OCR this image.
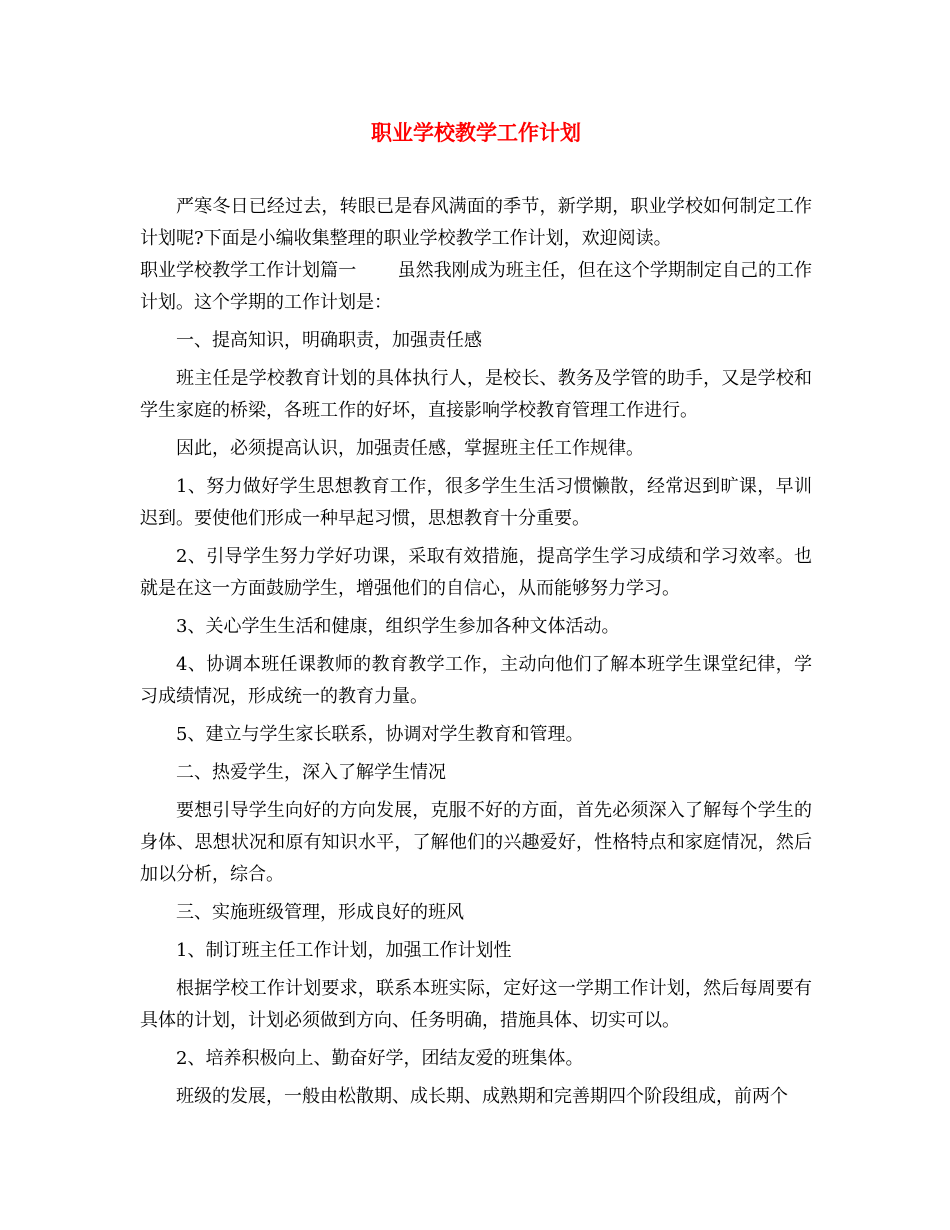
职业学校教学工作计划

严寒冬日已经过去，转眼已是春风满面的季节，新学期，职业学校如何制定工作计划呢?下面是小编收集整理的职业学校教学工作计划，欢迎阅读。

职业学校教学工作计划篇一 虽然我刚成为班主任，但在这个学期制定自己的工作计划。这个学期的工作计划是：

一、提高知识，明确职责，加强责任感

班主任是学校教育计划的具体执行人，是校长、教务及学管的助手，又是学校和学生家庭的桥梁，各班工作的好坏，直接影响学校教育管理工作进行。

因此，必须提高认识，加强责任感，掌握班主任工作规律。

1、努力做好学生思想教育工作，很多学生生活习惯懒散，经常迟到旷课，早训迟到。要使他们形成一种早起习惯，思想教育十分重要。

2、引导学生努力学好功课，采取有效措施，提高学生学习成绩和学习效率。也就是在这一方面鼓励学生，增强他们的自信心，从而能够努力学习。

3、关心学生生活和健康，组织学生参加各种文体活动。

4、协调本班任课教师的教育教学工作，主动向他们了解本班学生课堂纪律，学习成绩情况，形成统一的教育力量。

5、建立与学生家长联系，协调对学生教育和管理。

二、热爱学生，深入了解学生情况

要想引导学生向好的方向发展，克服不好的方面，首先必须深入了解每个学生的身体、思想状况和原有知识水平，了解他们的兴趣爱好，性格特点和家庭情况，然后加以分析，综合。

三、实施班级管理，形成良好的班风

1、制订班主任工作计划，加强工作计划性

根据学校工作计划要求，联系本班实际，定好这一学期工作计划，然后每周要有具体的计划，计划必须做到方向、任务明确，措施具体、切实可以。

2、培养积极向上、勤奋好学，团结友爱的班集体。

班级的发展，一般由松散期、成长期、成熟期和完善期四个阶段组成，前两个
